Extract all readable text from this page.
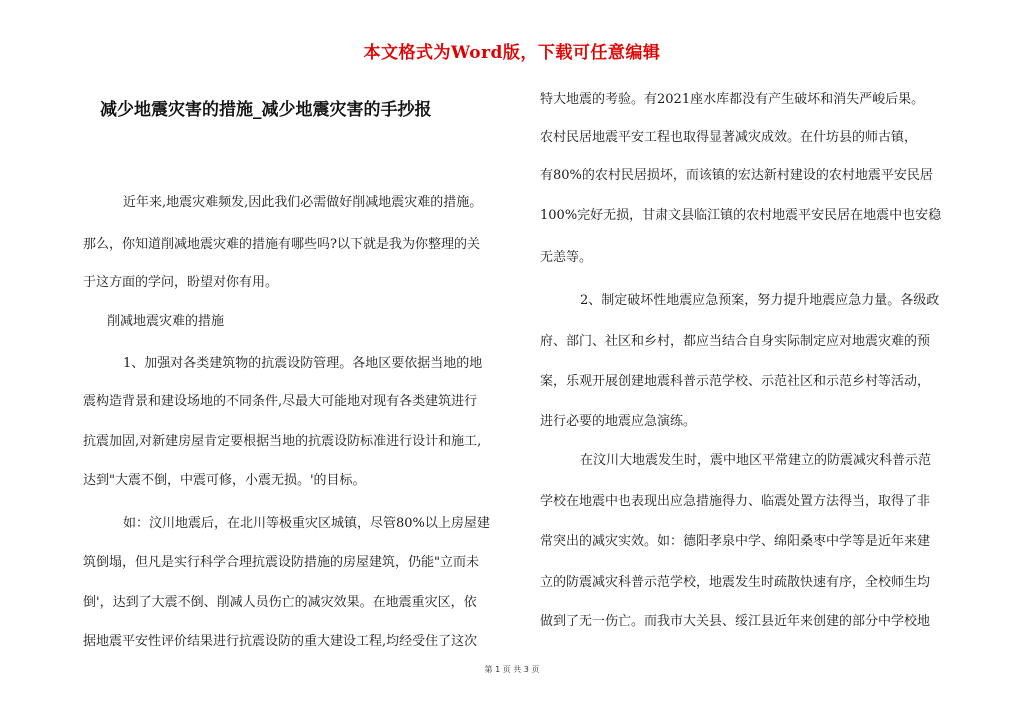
本文格式为Word版，下载可任意编辑
减少地震灾害的措施_减少地震灾害的手抄报

近年来,地震灾难频发,因此我们必需做好削减地震灾难的措施。

那么，你知道削减地震灾难的措施有哪些吗?以下就是我为你整理的关

于这方面的学问，盼望对你有用。

削减地震灾难的措施

1、加强对各类建筑物的抗震设防管理。各地区要依据当地的地

震构造背景和建设场地的不同条件,尽最大可能地对现有各类建筑进行

抗震加固,对新建房屋肯定要根据当地的抗震设防标准进行设计和施工,

达到"大震不倒，中震可修，小震无损。'的目标。

如：汶川地震后，在北川等极重灾区城镇，尽管80%以上房屋建

筑倒塌，但凡是实行科学合理抗震设防措施的房屋建筑，仍能"立而未

倒'，达到了大震不倒、削减人员伤亡的减灾效果。在地震重灾区，依

据地震平安性评价结果进行抗震设防的重大建设工程,均经受住了这次

特大地震的考验。有2021座水库都没有产生破坏和消失严峻后果。

农村民居地震平安工程也取得显著减灾成效。在什坊县的师古镇，

有80%的农村民居损坏，而该镇的宏达新村建设的农村地震平安民居

100%完好无损，甘肃文县临江镇的农村地震平安民居在地震中也安稳

无恙等。

2、制定破坏性地震应急预案，努力提升地震应急力量。各级政

府、部门、社区和乡村，都应当结合自身实际制定应对地震灾难的预

案，乐观开展创建地震科普示范学校、示范社区和示范乡村等活动，

进行必要的地震应急演练。

在汶川大地震发生时，震中地区平常建立的防震减灾科普示范

学校在地震中也表现出应急措施得力、临震处置方法得当，取得了非

常突出的减灾实效。如：德阳孝泉中学、绵阳桑枣中学等是近年来建

立的防震减灾科普示范学校，地震发生时疏散快速有序，全校师生均

做到了无一伤亡。而我市大关县、绥江县近年来创建的部分中学校地

第 1 页 共 3 页
